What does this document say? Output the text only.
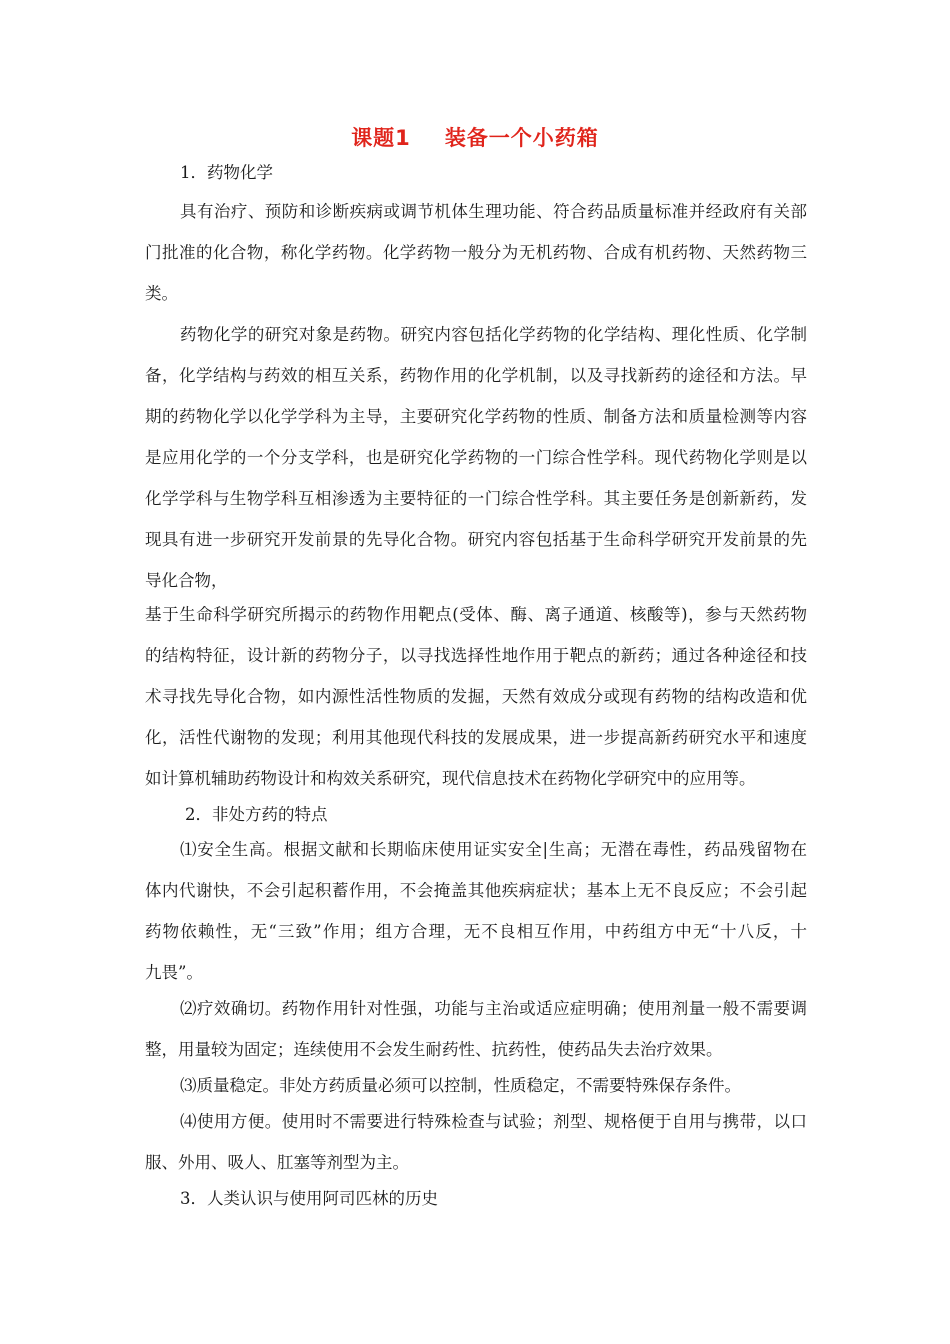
课题1 装备一个小药箱
1．药物化学
具有治疗、预防和诊断疾病或调节机体生理功能、符合药品质量标准并经政府有关部
门批准的化合物，称化学药物。化学药物一般分为无机药物、合成有机药物、天然药物三
类。
药物化学的研究对象是药物。研究内容包括化学药物的化学结构、理化性质、化学制
备，化学结构与药效的相互关系，药物作用的化学机制，以及寻找新药的途径和方法。早
期的药物化学以化学学科为主导，主要研究化学药物的性质、制备方法和质量检测等内容
是应用化学的一个分支学科，也是研究化学药物的一门综合性学科。现代药物化学则是以
化学学科与生物学科互相渗透为主要特征的一门综合性学科。其主要任务是创新新药，发
现具有进一步研究开发前景的先导化合物。研究内容包括基于生命科学研究开发前景的先
导化合物，
基于生命科学研究所揭示的药物作用靶点(受体、酶、离子通道、核酸等)，参与天然药物
的结构特征，设计新的药物分子，以寻找选择性地作用于靶点的新药；通过各种途径和技
术寻找先导化合物，如内源性活性物质的发掘，天然有效成分或现有药物的结构改造和优
化，活性代谢物的发现；利用其他现代科技的发展成果，进一步提高新药研究水平和速度
如计算机辅助药物设计和构效关系研究，现代信息技术在药物化学研究中的应用等。
2．非处方药的特点
⑴安全生高。根据文献和长期临床使用证实安全|生高；无潜在毒性，药品残留物在
体内代谢快，不会引起积蓄作用，不会掩盖其他疾病症状；基本上无不良反应；不会引起
药物依赖性，无“三致”作用；组方合理，无不良相互作用，中药组方中无“十八反，十
九畏”。
⑵疗效确切。药物作用针对性强，功能与主治或适应症明确；使用剂量一般不需要调
整，用量较为固定；连续使用不会发生耐药性、抗药性，使药品失去治疗效果。
⑶质量稳定。非处方药质量必须可以控制，性质稳定，不需要特殊保存条件。
⑷使用方便。使用时不需要进行特殊检查与试验；剂型、规格便于自用与携带，以口
服、外用、吸人、肛塞等剂型为主。
3．人类认识与使用阿司匹林的历史
